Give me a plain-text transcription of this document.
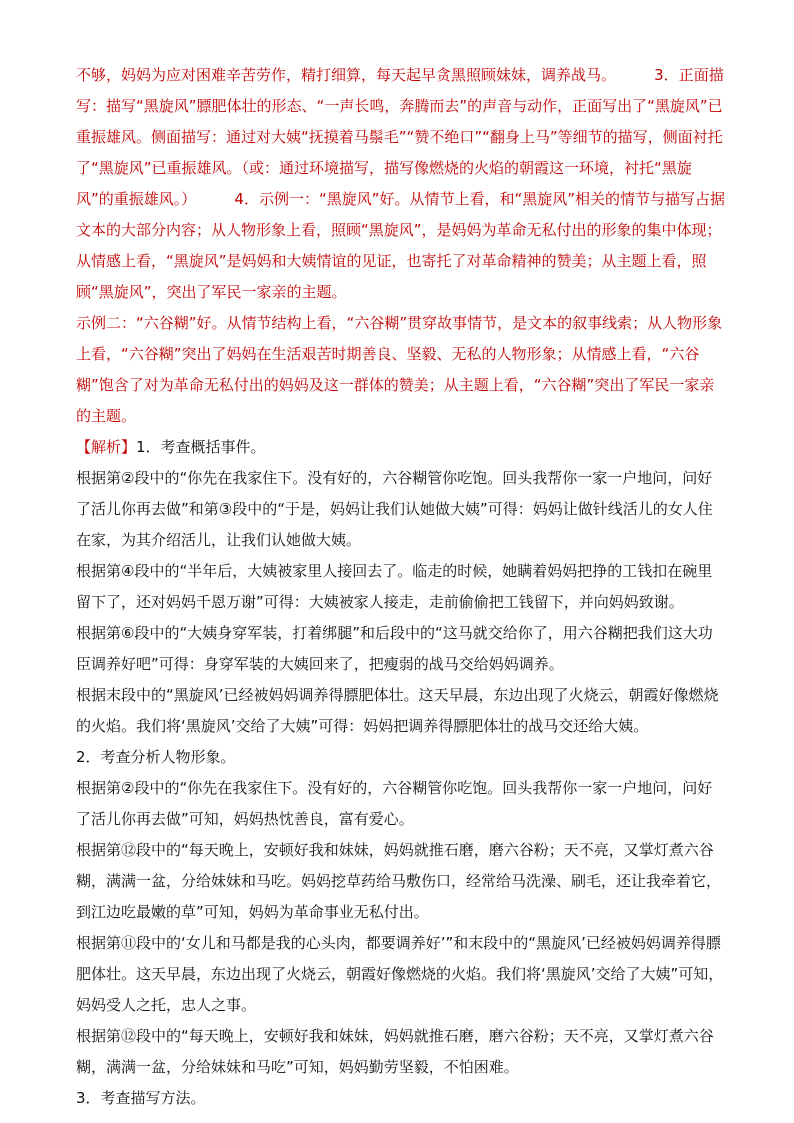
不够，妈妈为应对困难辛苦劳作，精打细算，每天起早贪黑照顾妹妹，调养战马。        3．正面描写：描写“黑旋风”膘肥体壮的形态、“一声长鸣，奔腾而去”的声音与动作，正面写出了“黑旋风”已重振雄风。侧面描写：通过对大姨“抚摸着马鬃毛”“赞不绝口”“翻身上马”等细节的描写，侧面衬托了“黑旋风”已重振雄风。（或：通过环境描写，描写像燃烧的火焰的朝霞这一环境，衬托“黑旋风”的重振雄风。）        4．示例一：“黑旋风”好。从情节上看，和“黑旋风”相关的情节与描写占据文本的大部分内容；从人物形象上看，照顾“黑旋风”，是妈妈为革命无私付出的形象的集中体现；从情感上看，“黑旋风”是妈妈和大姨情谊的见证，也寄托了对革命精神的赞美；从主题上看，照顾“黑旋风”，突出了军民一家亲的主题。

示例二：“六谷糊”好。从情节结构上看，“六谷糊”贯穿故事情节，是文本的叙事线索；从人物形象上看，“六谷糊”突出了妈妈在生活艰苦时期善良、坚毅、无私的人物形象；从情感上看，“六谷糊”饱含了对为革命无私付出的妈妈及这一群体的赞美；从主题上看，“六谷糊”突出了军民一家亲的主题。

【解析】1．考查概括事件。

根据第②段中的“你先在我家住下。没有好的，六谷糊管你吃饱。回头我帮你一家一户地问，问好了活儿你再去做”和第③段中的“于是，妈妈让我们认她做大姨”可得：妈妈让做针线活儿的女人住在家，为其介绍活儿，让我们认她做大姨。

根据第④段中的“半年后，大姨被家里人接回去了。临走的时候，她瞒着妈妈把挣的工钱扣在碗里留下了，还对妈妈千恩万谢”可得：大姨被家人接走，走前偷偷把工钱留下，并向妈妈致谢。

根据第⑥段中的“大姨身穿军装，打着绑腿”和后段中的“这马就交给你了，用六谷糊把我们这大功臣调养好吧”可得：身穿军装的大姨回来了，把瘦弱的战马交给妈妈调养。

根据末段中的“黑旋风’已经被妈妈调养得膘肥体壮。这天早晨，东边出现了火烧云，朝霞好像燃烧的火焰。我们将‘黑旋风’交给了大姨”可得：妈妈把调养得膘肥体壮的战马交还给大姨。

2．考查分析人物形象。

根据第②段中的“你先在我家住下。没有好的，六谷糊管你吃饱。回头我帮你一家一户地问，问好了活儿你再去做”可知，妈妈热忱善良，富有爱心。

根据第⑫段中的“每天晚上，安顿好我和妹妹，妈妈就推石磨，磨六谷粉；天不亮，又掌灯煮六谷糊，满满一盆，分给妹妹和马吃。妈妈挖草药给马敷伤口，经常给马洗澡、刷毛，还让我牵着它，到江边吃最嫩的草”可知，妈妈为革命事业无私付出。

根据第⑪段中的‘女儿和马都是我的心头肉，都要调养好’”和末段中的“黑旋风’已经被妈妈调养得膘肥体壮。这天早晨，东边出现了火烧云，朝霞好像燃烧的火焰。我们将‘黑旋风’交给了大姨”可知，妈妈受人之托，忠人之事。

根据第⑫段中的“每天晚上，安顿好我和妹妹，妈妈就推石磨，磨六谷粉；天不亮，又掌灯煮六谷糊，满满一盆，分给妹妹和马吃”可知，妈妈勤劳坚毅，不怕困难。

3．考查描写方法。
